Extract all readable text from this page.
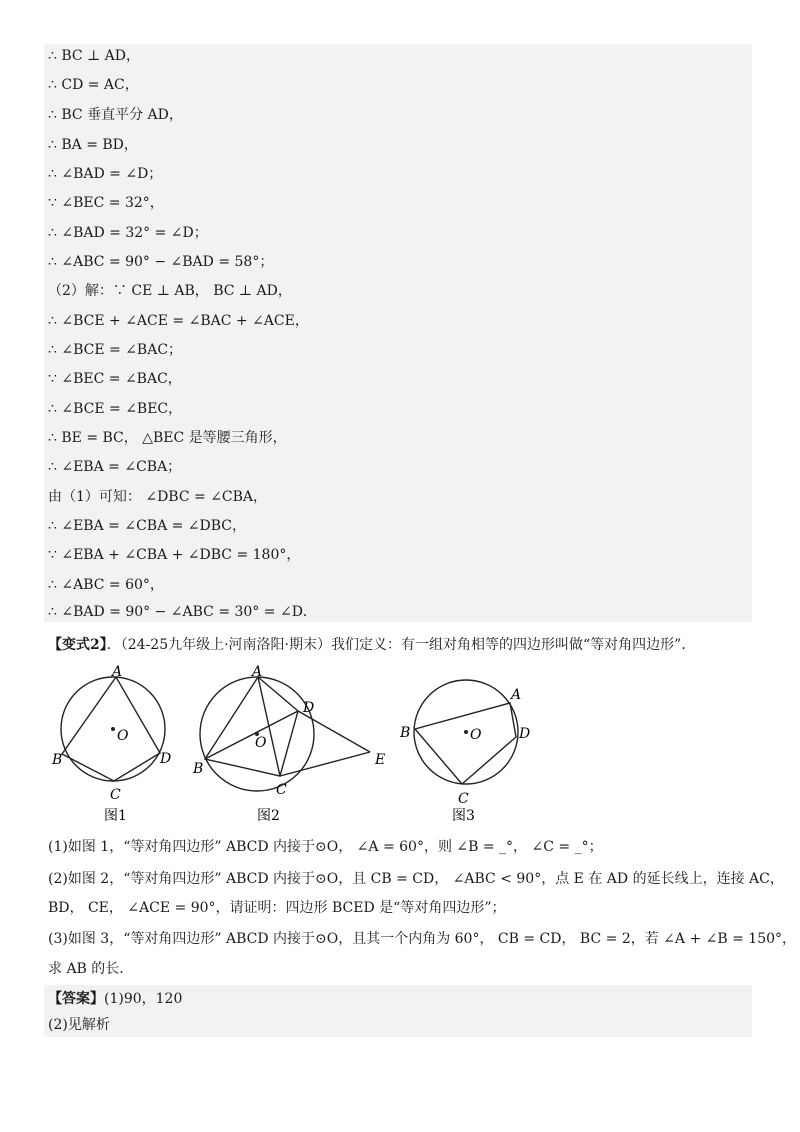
∴ BC ⊥ AD，
∴ CD = AC，
∴ BC 垂直平分 AD，
∴ BA = BD，
∴ ∠BAD = ∠D；
∵ ∠BEC = 32°，
∴ ∠BAD = 32° = ∠D；
∴ ∠ABC = 90° − ∠BAD = 58°；
（2）解：∵ CE ⊥ AB， BC ⊥ AD，
∴ ∠BCE + ∠ACE = ∠BAC + ∠ACE，
∴ ∠BCE = ∠BAC；
∵ ∠BEC = ∠BAC，
∴ ∠BCE = ∠BEC，
∴ BE = BC， △BEC 是等腰三角形，
∴ ∠EBA = ∠CBA；
由（1）可知： ∠DBC = ∠CBA，
∴ ∠EBA = ∠CBA = ∠DBC，
∵ ∠EBA + ∠CBA + ∠DBC = 180°，
∴ ∠ABC = 60°，
∴ ∠BAD = 90° − ∠ABC = 30° = ∠D．
【变式2】．（24-25九年级上·河南洛阳·期末）我们定义：有一组对角相等的四边形叫做“等对角四边形”．
A
B
C
D
O
图1
A
B
C
D
E
O
图2
A
B
C
D
O
图3
(1)如图 1，“等对角四边形” ABCD 内接于⊙O， ∠A = 60°，则 ∠B = _°， ∠C = _°；
(2)如图 2，“等对角四边形” ABCD 内接于⊙O，且 CB = CD， ∠ABC < 90°，点 E 在 AD 的延长线上，连接 AC，
BD， CE， ∠ACE = 90°，请证明：四边形 BCED 是“等对角四边形”；
(3)如图 3，“等对角四边形” ABCD 内接于⊙O，且其一个内角为 60°， CB = CD， BC = 2，若 ∠A + ∠B = 150°，
求 AB 的长.
【答案】(1)90，120
(2)见解析
